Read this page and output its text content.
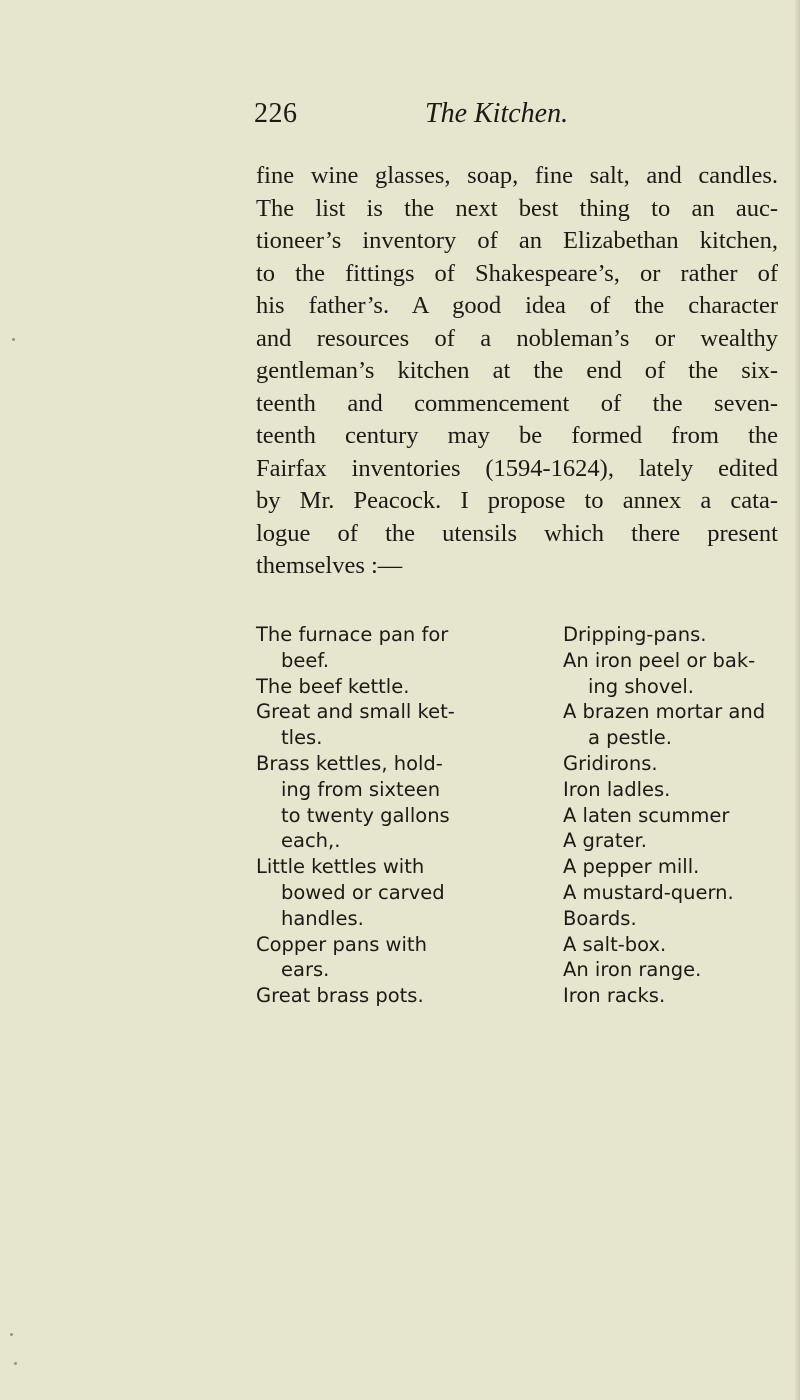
226	The Kitchen.
fine wine glasses, soap, fine salt, and candles.
The list is the next best thing to an auc-
tioneer’s inventory of an Elizabethan kitchen,
to the fittings of Shakespeare’s, or rather of
his father’s. A good idea of the character
and resources of a nobleman’s or wealthy
gentleman’s kitchen at the end of the six-
teenth and commencement of the seven-
teenth century may be formed from the
Fairfax inventories (1594-1624), lately edited
by Mr. Peacock. I propose to annex a cata-
logue of the utensils which there present
themselves :—
The furnace pan for
beef.
The beef kettle.
Great and small ket-
tles.
Brass kettles, hold-
ing from sixteen
to twenty gallons
each,.
Little kettles with
bowed or carved
handles.
Copper pans with
ears.
Great brass pots.
Dripping-pans.
An iron peel or bak-
ing shovel.
A brazen mortar and
a pestle.
Gridirons.
Iron ladles.
A laten scummer
A grater.
A pepper mill.
A mustard-quern.
Boards.
A salt-box.
An iron range.
Iron racks.
